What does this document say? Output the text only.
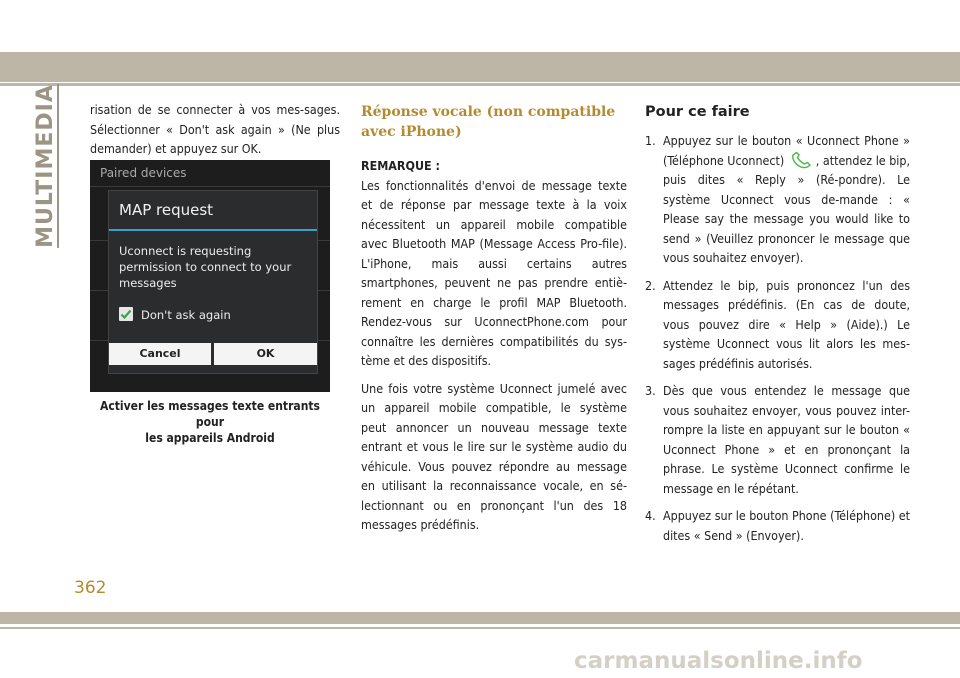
MULTIMEDIA	risation de se connecter à vos mes-sages. Sélectionner « Don't ask again » (Ne plus demander) et appuyez sur OK.

Paired devices
MAP request
Uconnect is requesting permission to connect to your messages
Don't ask again
Cancel	OK
Activer les messages texte entrants pour
les appareils Android
Réponse vocale (non compatible avec iPhone)

REMARQUE :

Les fonctionnalités d'envoi de message texte et de réponse par message texte à la voix nécessitent un appareil mobile compatible avec Bluetooth MAP (Message Access Pro-file). L'iPhone, mais aussi certains autres smartphones, peuvent ne pas prendre entiè-rement en charge le profil MAP Bluetooth. Rendez-vous sur UconnectPhone.com pour connaître les dernières compatibilités du sys-tème et des dispositifs.

Une fois votre système Uconnect jumelé avec un appareil mobile compatible, le système peut annoncer un nouveau message texte entrant et vous le lire sur le système audio du véhicule. Vous pouvez répondre au message en utilisant la reconnaissance vocale, en sé-lectionnant ou en prononçant l'un des 18 messages prédéfinis.

Pour ce faire
1. Appuyez sur le bouton « Uconnect Phone » (Téléphone Uconnect)	, attendez le bip, puis dites « Reply » (Ré-pondre). Le système Uconnect vous de-mande : « Please say the message you would like to send » (Veuillez prononcer le message que vous souhaitez envoyer).
2. Attendez le bip, puis prononcez l'un des messages prédéfinis. (En cas de doute, vous pouvez dire « Help » (Aide).) Le système Uconnect vous lit alors les mes-sages prédéfinis autorisés.
3. Dès que vous entendez le message que vous souhaitez envoyer, vous pouvez inter-rompre la liste en appuyant sur le bouton « Uconnect Phone » et en prononçant la phrase. Le système Uconnect confirme le message en le répétant.
4. Appuyez sur le bouton Phone (Téléphone) et dites « Send » (Envoyer).
362
carmanualsonline.info
